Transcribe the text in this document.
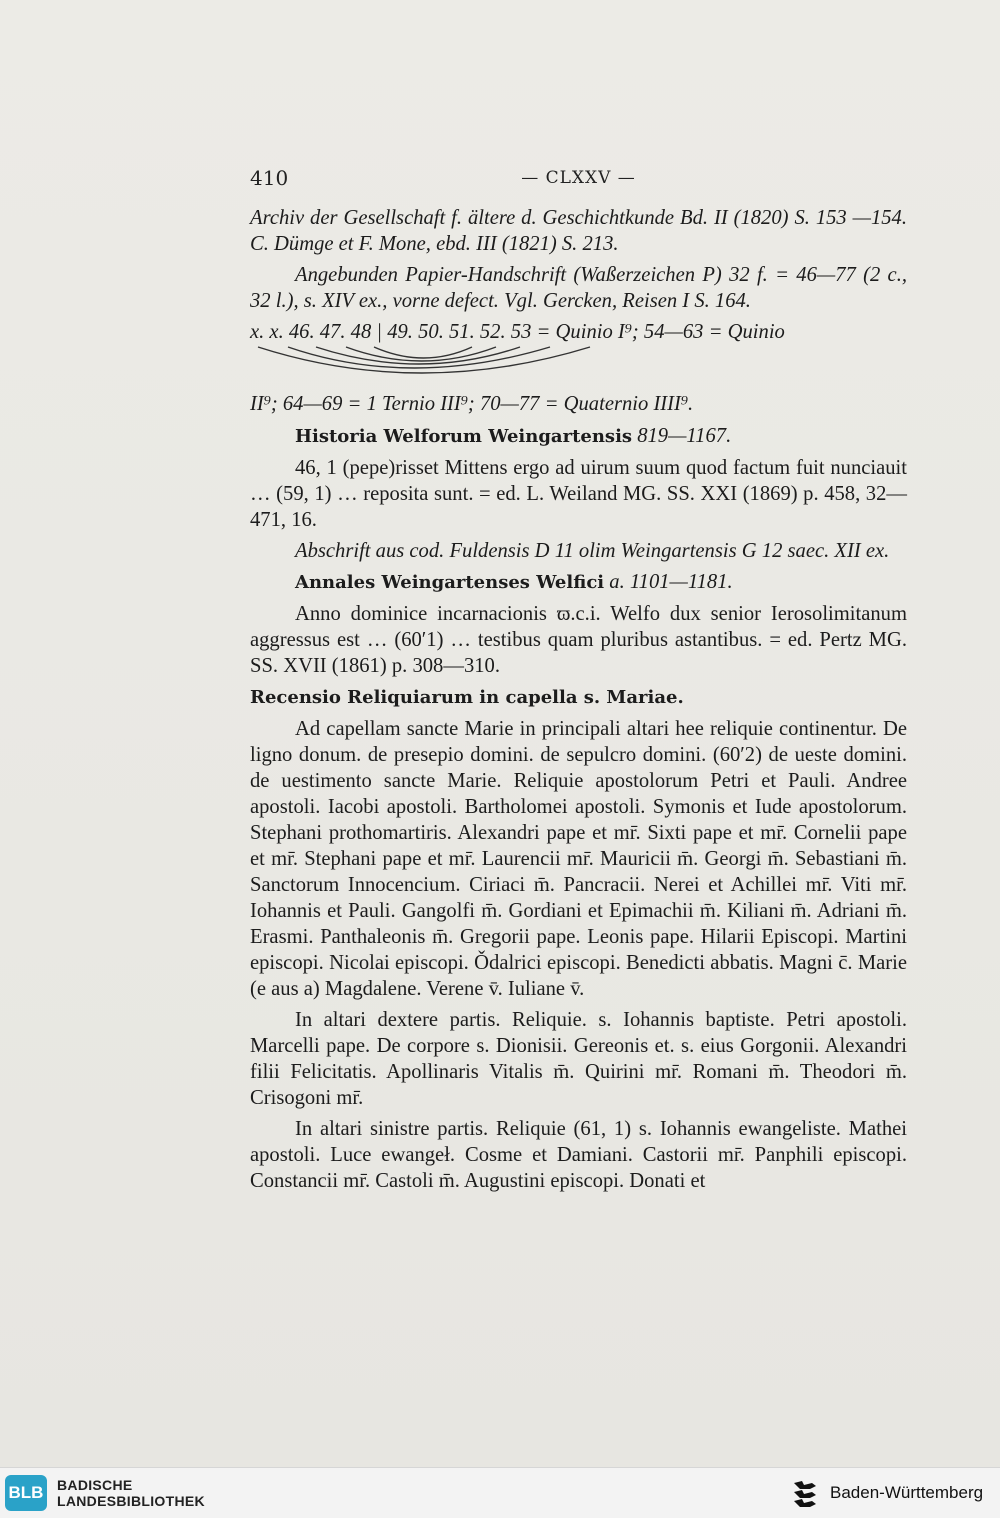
410	— CLXXV —

Archiv der Gesellschaft f. ältere d. Geschichtkunde Bd. II (1820) S. 153 —154. C. Dümge et F. Mone, ebd. III (1821) S. 213.

Angebunden Papier-Handschrift (Waßerzeichen P) 32 f. = 46—77 (2 c., 32 l.), s. XIV ex., vorne defect. Vgl. Gercken, Reisen I S. 164.

x. x. 46. 47. 48 | 49. 50. 51. 52. 53 = Quinio I⁹; 54—63 = Quinio
II⁹; 64—69 = 1 Ternio III⁹; 70—77 = Quaternio IIII⁹.

Historia Welforum Weingartensis 819—1167.

46, 1 (pepe)risset Mittens ergo ad uirum suum quod factum fuit nunciauit … (59, 1) … reposita sunt. = ed. L. Weiland MG. SS. XXI (1869) p. 458, 32—471, 16.

Abschrift aus cod. Fuldensis D 11 olim Weingartensis G 12 saec. XII ex.

Annales Weingartenses Welfici a. 1101—1181.

Anno dominice incarnacionis ϖ.c.i. Welfo dux senior Ierosolimitanum aggressus est … (60′1) … testibus quam pluribus astantibus. = ed. Pertz MG. SS. XVII (1861) p. 308—310.

Recensio Reliquiarum in capella s. Mariae.

Ad capellam sancte Marie in principali altari hee reliquie continentur. De ligno donum. de presepio domini. de sepulcro domini. (60′2) de ueste domini. de uestimento sancte Marie. Reliquie apostolorum Petri et Pauli. Andree apostoli. Iacobi apostoli. Bartholomei apostoli. Symonis et Iude apostolorum. Stephani prothomartiris. Alexandri pape et mr̄. Sixti pape et mr̄. Cornelii pape et mr̄. Stephani pape et mr̄. Laurencii mr̄. Mauricii m̄. Georgi m̄. Sebastiani m̄. Sanctorum Innocencium. Ciriaci m̄. Pancracii. Nerei et Achillei mr̄. Viti mr̄. Iohannis et Pauli. Gangolfi m̄. Gordiani et Epimachii m̄. Kiliani m̄. Adriani m̄. Erasmi. Panthaleonis m̄. Gregorii pape. Leonis pape. Hilarii Episcopi. Martini episcopi. Nicolai episcopi. Ǒdalrici episcopi. Benedicti abbatis. Magni c̄. Marie (e aus a) Magdalene. Verene v̄. Iuliane v̄.

In altari dextere partis. Reliquie. s. Iohannis baptiste. Petri apostoli. Marcelli pape. De corpore s. Dionisii. Gereonis et. s. eius Gorgonii. Alexandri filii Felicitatis. Apollinaris Vitalis m̄. Quirini mr̄. Romani m̄. Theodori m̄. Crisogoni mr̄.

In altari sinistre partis. Reliquie (61, 1) s. Iohannis ewangeliste. Mathei apostoli. Luce ewangeł. Cosme et Damiani. Castorii mr̄. Panphili episcopi. Constancii mr̄. Castoli m̄. Augustini episcopi. Donati et

BLB BADISCHE
LANDESBIBLIOTHEK	Baden-Württemberg
